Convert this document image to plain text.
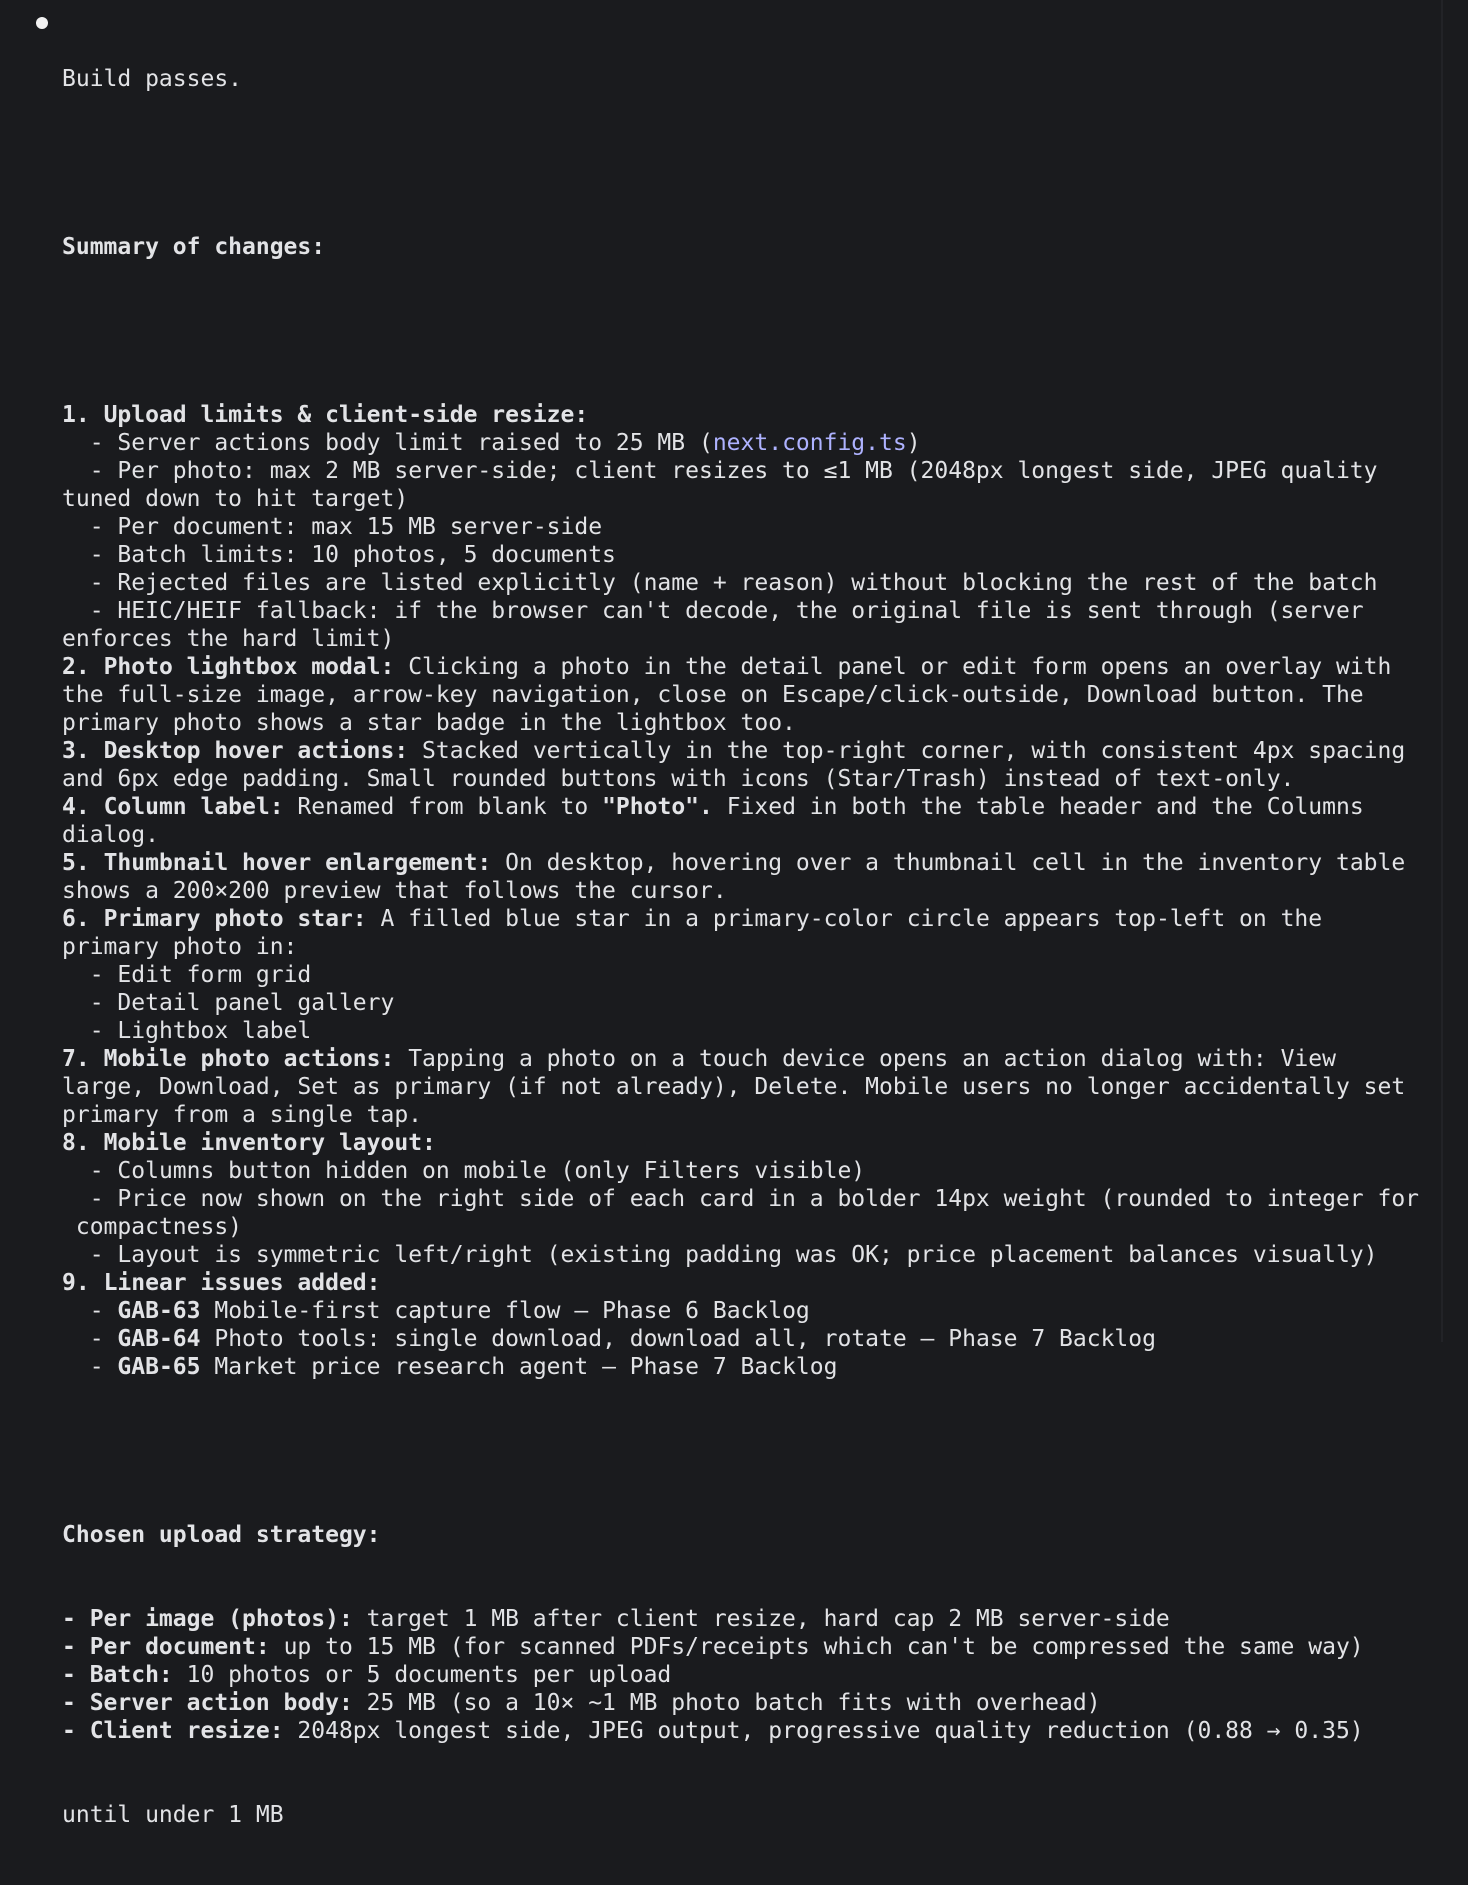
Build passes.

Summary of changes:

1. Upload limits & client-side resize:
- Server actions body limit raised to 25 MB (next.config.ts)
- Per photo: max 2 MB server-side; client resizes to ≤1 MB (2048px longest side, JPEG quality
tuned down to hit target)
- Per document: max 15 MB server-side
- Batch limits: 10 photos, 5 documents
- Rejected files are listed explicitly (name + reason) without blocking the rest of the batch
- HEIC/HEIF fallback: if the browser can't decode, the original file is sent through (server
enforces the hard limit)
2. Photo lightbox modal: Clicking a photo in the detail panel or edit form opens an overlay with
the full-size image, arrow-key navigation, close on Escape/click-outside, Download button. The
primary photo shows a star badge in the lightbox too.
3. Desktop hover actions: Stacked vertically in the top-right corner, with consistent 4px spacing
and 6px edge padding. Small rounded buttons with icons (Star/Trash) instead of text-only.
4. Column label: Renamed from blank to "Photo". Fixed in both the table header and the Columns
dialog.
5. Thumbnail hover enlargement: On desktop, hovering over a thumbnail cell in the inventory table
shows a 200×200 preview that follows the cursor.
6. Primary photo star: A filled blue star in a primary-color circle appears top-left on the
primary photo in:
- Edit form grid
- Detail panel gallery
- Lightbox label
7. Mobile photo actions: Tapping a photo on a touch device opens an action dialog with: View
large, Download, Set as primary (if not already), Delete. Mobile users no longer accidentally set
primary from a single tap.
8. Mobile inventory layout:
- Columns button hidden on mobile (only Filters visible)
- Price now shown on the right side of each card in a bolder 14px weight (rounded to integer for
compactness)
- Layout is symmetric left/right (existing padding was OK; price placement balances visually)
9. Linear issues added:
- GAB-63 Mobile-first capture flow — Phase 6 Backlog
- GAB-64 Photo tools: single download, download all, rotate — Phase 7 Backlog
- GAB-65 Market price research agent — Phase 7 Backlog

Chosen upload strategy:

- Per image (photos): target 1 MB after client resize, hard cap 2 MB server-side
- Per document: up to 15 MB (for scanned PDFs/receipts which can't be compressed the same way)
- Batch: 10 photos or 5 documents per upload
- Server action body: 25 MB (so a 10× ~1 MB photo batch fits with overhead)
- Client resize: 2048px longest side, JPEG output, progressive quality reduction (0.88 → 0.35)

until under 1 MB
